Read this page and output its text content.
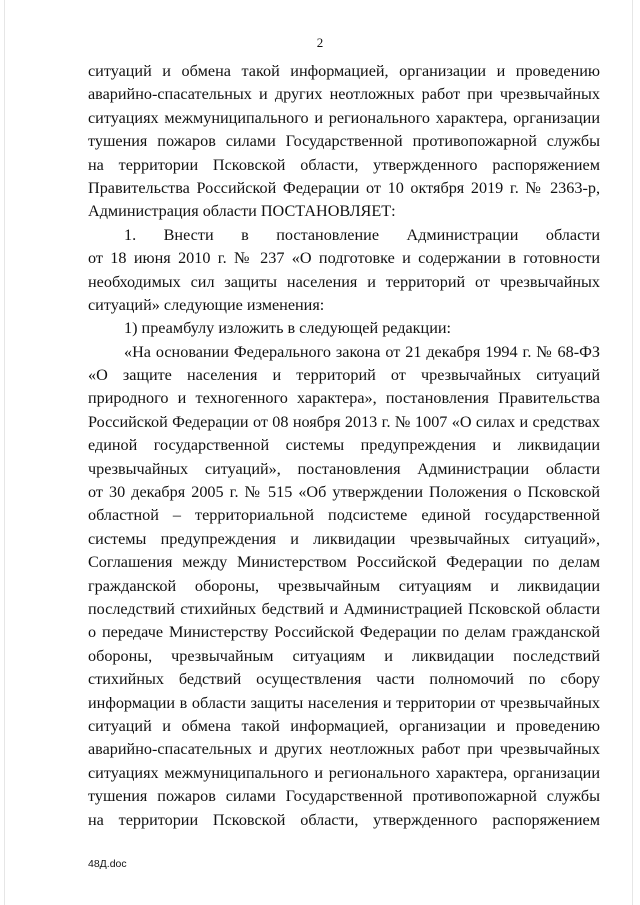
2
ситуаций и обмена такой информацией, организации и проведению
аварийно-спасательных и других неотложных работ при чрезвычайных
ситуациях межмуниципального и регионального характера, организации
тушения пожаров силами Государственной противопожарной службы
на территории Псковской области, утвержденного распоряжением
Правительства Российской Федерации от 10 октября 2019 г. № 2363-р,
Администрация области ПОСТАНОВЛЯЕТ:
1. Внести в постановление Администрации области
от 18 июня 2010 г. № 237 «О подготовке и содержании в готовности
необходимых сил защиты населения и территорий от чрезвычайных
ситуаций» следующие изменения:
1) преамбулу изложить в следующей редакции:
«На основании Федерального закона от 21 декабря 1994 г. № 68-ФЗ
«О защите населения и территорий от чрезвычайных ситуаций
природного и техногенного характера», постановления Правительства
Российской Федерации от 08 ноября 2013 г. № 1007 «О силах и средствах
единой государственной системы предупреждения и ликвидации
чрезвычайных ситуаций», постановления Администрации области
от 30 декабря 2005 г. № 515 «Об утверждении Положения о Псковской
областной – территориальной подсистеме единой государственной
системы предупреждения и ликвидации чрезвычайных ситуаций»,
Соглашения между Министерством Российской Федерации по делам
гражданской обороны, чрезвычайным ситуациям и ликвидации
последствий стихийных бедствий и Администрацией Псковской области
о передаче Министерству Российской Федерации по делам гражданской
обороны, чрезвычайным ситуациям и ликвидации последствий
стихийных бедствий осуществления части полномочий по сбору
информации в области защиты населения и территории от чрезвычайных
ситуаций и обмена такой информацией, организации и проведению
аварийно-спасательных и других неотложных работ при чрезвычайных
ситуациях межмуниципального и регионального характера, организации
тушения пожаров силами Государственной противопожарной службы
на территории Псковской области, утвержденного распоряжением
48Д.doc
